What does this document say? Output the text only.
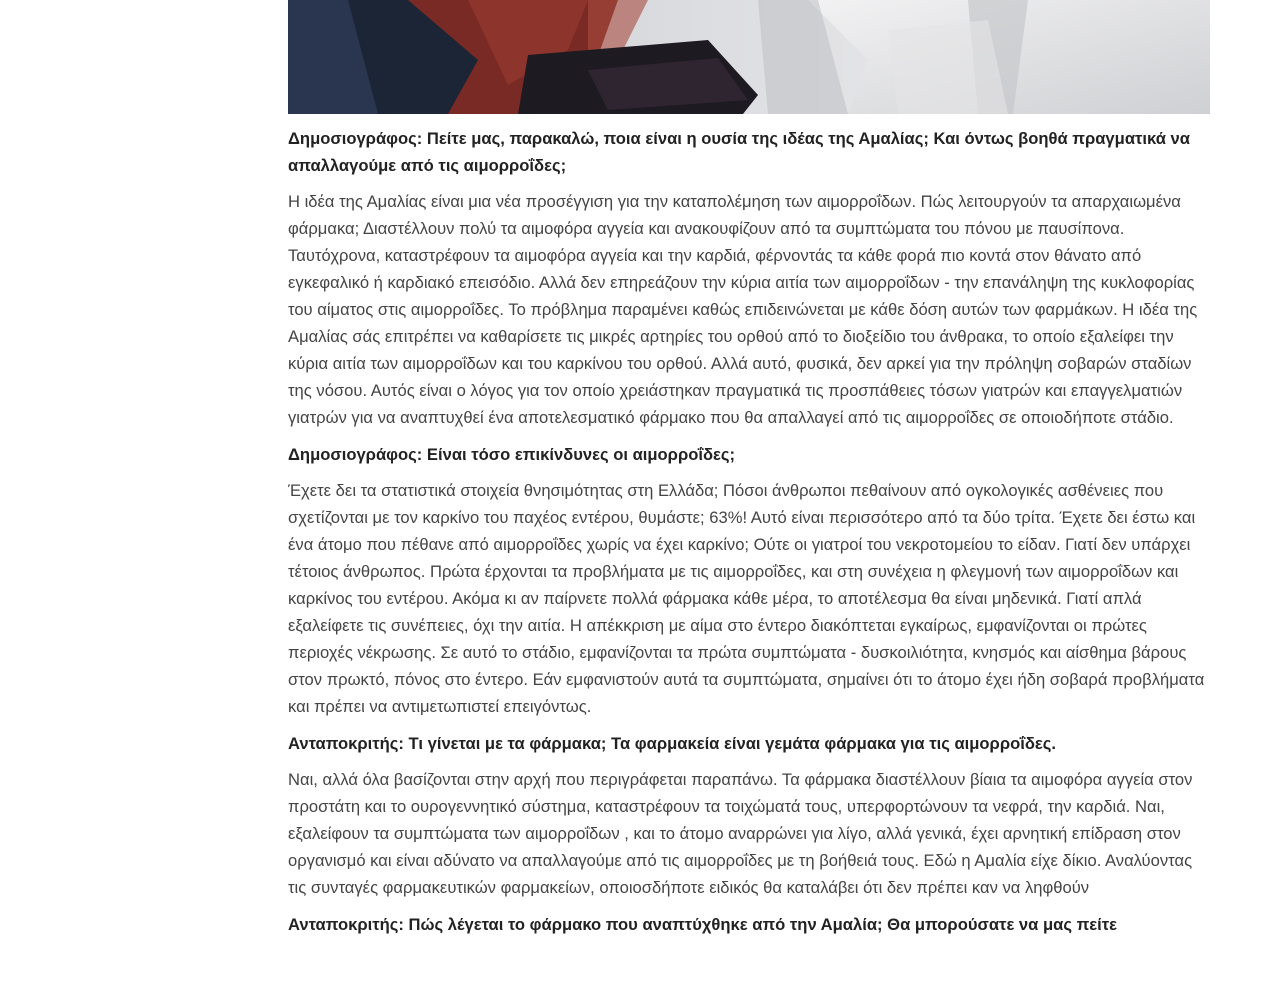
Δημοσιογράφος: Πείτε μας, παρακαλώ, ποια είναι η ουσία της ιδέας της Αμαλίας; Και όντως βοηθά πραγματικά να απαλλαγούμε από τις αιμορροΐδες;

Η ιδέα της Αμαλίας είναι μια νέα προσέγγιση για την καταπολέμηση των αιμορροΐδων. Πώς λειτουργούν τα απαρχαιωμένα φάρμακα; Διαστέλλουν πολύ τα αιμοφόρα αγγεία και ανακουφίζουν από τα συμπτώματα του πόνου με παυσίπονα. Ταυτόχρονα, καταστρέφουν τα αιμοφόρα αγγεία και την καρδιά, φέρνοντάς τα κάθε φορά πιο κοντά στον θάνατο από εγκεφαλικό ή καρδιακό επεισόδιο. Αλλά δεν επηρεάζουν την κύρια αιτία των αιμορροΐδων - την επανάληψη της κυκλοφορίας του αίματος στις αιμορροΐδες. Το πρόβλημα παραμένει καθώς επιδεινώνεται με κάθε δόση αυτών των φαρμάκων. Η ιδέα της Αμαλίας σάς επιτρέπει να καθαρίσετε τις μικρές αρτηρίες του ορθού από το διοξείδιο του άνθρακα, το οποίο εξαλείφει την κύρια αιτία των αιμορροΐδων και του καρκίνου του ορθού. Αλλά αυτό, φυσικά, δεν αρκεί για την πρόληψη σοβαρών σταδίων της νόσου. Αυτός είναι ο λόγος για τον οποίο χρειάστηκαν πραγματικά τις προσπάθειες τόσων γιατρών και επαγγελματιών γιατρών για να αναπτυχθεί ένα αποτελεσματικό φάρμακο που θα απαλλαγεί από τις αιμορροΐδες σε οποιοδήποτε στάδιο.

Δημοσιογράφος: Είναι τόσο επικίνδυνες οι αιμορροΐδες;

Έχετε δει τα στατιστικά στοιχεία θνησιμότητας στη Ελλάδα; Πόσοι άνθρωποι πεθαίνουν από ογκολογικές ασθένειες που σχετίζονται με τον καρκίνο του παχέος εντέρου, θυμάστε; 63%! Αυτό είναι περισσότερο από τα δύο τρίτα. Έχετε δει έστω και ένα άτομο που πέθανε από αιμορροΐδες χωρίς να έχει καρκίνο; Ούτε οι γιατροί του νεκροτομείου το είδαν. Γιατί δεν υπάρχει τέτοιος άνθρωπος. Πρώτα έρχονται τα προβλήματα με τις αιμορροΐδες, και στη συνέχεια η φλεγμονή των αιμορροΐδων και καρκίνος του εντέρου. Ακόμα κι αν παίρνετε πολλά φάρμακα κάθε μέρα, το αποτέλεσμα θα είναι μηδενικά. Γιατί απλά εξαλείφετε τις συνέπειες, όχι την αιτία. Η απέκκριση με αίμα στο έντερο διακόπτεται εγκαίρως, εμφανίζονται οι πρώτες περιοχές νέκρωσης. Σε αυτό το στάδιο, εμφανίζονται τα πρώτα συμπτώματα - δυσκοιλιότητα, κνησμός και αίσθημα βάρους στον πρωκτό, πόνος στο έντερο. Εάν εμφανιστούν αυτά τα συμπτώματα, σημαίνει ότι το άτομο έχει ήδη σοβαρά προβλήματα και πρέπει να αντιμετωπιστεί επειγόντως.

Ανταποκριτής: Τι γίνεται με τα φάρμακα; Τα φαρμακεία είναι γεμάτα φάρμακα για τις αιμορροΐδες.

Ναι, αλλά όλα βασίζονται στην αρχή που περιγράφεται παραπάνω. Τα φάρμακα διαστέλλουν βίαια τα αιμοφόρα αγγεία στον προστάτη και το ουρογεννητικό σύστημα, καταστρέφουν τα τοιχώματά τους, υπερφορτώνουν τα νεφρά, την καρδιά. Ναι, εξαλείφουν τα συμπτώματα των αιμορροΐδων , και το άτομο αναρρώνει για λίγο, αλλά γενικά, έχει αρνητική επίδραση στον οργανισμό και είναι αδύνατο να απαλλαγούμε από τις αιμορροΐδες με τη βοήθειά τους. Εδώ η Αμαλία είχε δίκιο. Αναλύοντας τις συνταγές φαρμακευτικών φαρμακείων, οποιοσδήποτε ειδικός θα καταλάβει ότι δεν πρέπει καν να ληφθούν

Ανταποκριτής: Πώς λέγεται το φάρμακο που αναπτύχθηκε από την Αμαλία; Θα μπορούσατε να μας πείτε
